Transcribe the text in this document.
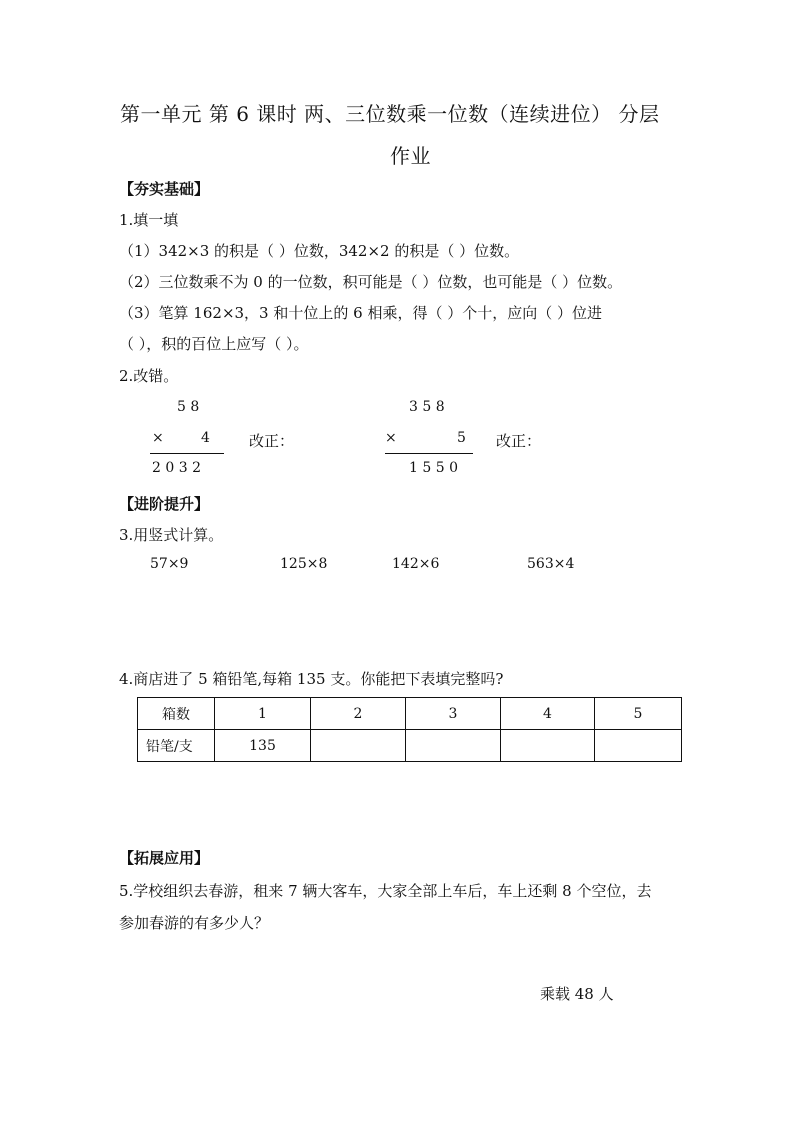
第一单元 第 6 课时 两、三位数乘一位数（连续进位） 分层
作业
【夯实基础】
1.填一填
（1）342×3 的积是（ ）位数，342×2 的积是（ ）位数。
（2）三位数乘不为 0 的一位数，积可能是（ ）位数，也可能是（ ）位数。
（3）笔算 162×3，3 和十位上的 6 相乘，得（ ）个十，应向（ ）位进
（ ），积的百位上应写（ ）。
2.改错。
5 8
×	4
2 0 3 2
改正：
3 5 8
×	5
1 5 5 0
改正：
【进阶提升】
3.用竖式计算。
57×9	125×8	142×6	563×4
4.商店进了 5 箱铅笔,每箱 135 支。你能把下表填完整吗?
箱数	1	2	3	4	5
铅笔/支	135				
【拓展应用】
5.学校组织去春游，租来 7 辆大客车，大家全部上车后，车上还剩 8 个空位，去
参加春游的有多少人？
乘载 48 人
